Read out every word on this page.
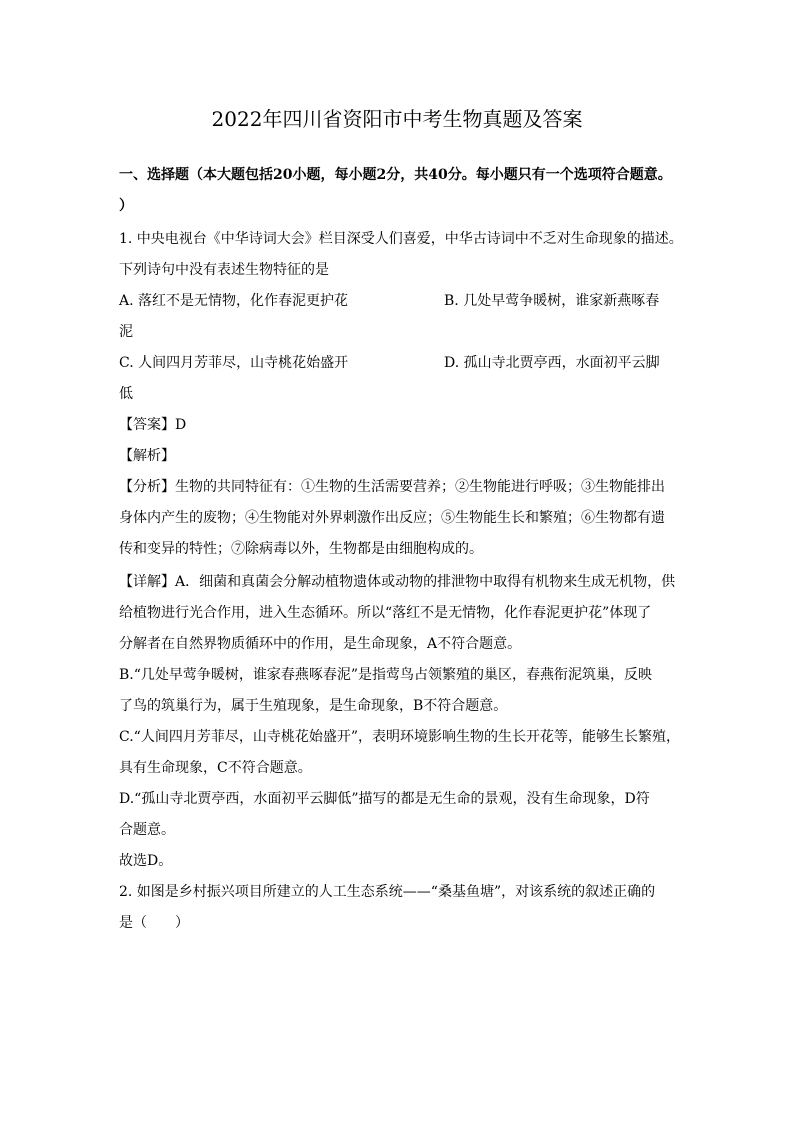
2022年四川省资阳市中考生物真题及答案
一、选择题（本大题包括20小题，每小题2分，共40分。每小题只有一个选项符合题意。
）
1. 中央电视台《中华诗词大会》栏目深受人们喜爱，中华古诗词中不乏对生命现象的描述。
下列诗句中没有表述生物特征的是
A. 落红不是无情物，化作春泥更护花	B. 几处早莺争暖树，谁家新燕啄春
泥
C. 人间四月芳菲尽，山寺桃花始盛开	D. 孤山寺北贾亭西，水面初平云脚
低
【答案】D
【解析】
【分析】生物的共同特征有：①生物的生活需要营养；②生物能进行呼吸；③生物能排出
身体内产生的废物；④生物能对外界刺激作出反应；⑤生物能生长和繁殖；⑥生物都有遗
传和变异的特性；⑦除病毒以外，生物都是由细胞构成的。
【详解】A．细菌和真菌会分解动植物遗体或动物的排泄物中取得有机物来生成无机物，供
给植物进行光合作用，进入生态循环。所以“落红不是无情物，化作春泥更护花”体现了
分解者在自然界物质循环中的作用，是生命现象，A不符合题意。
B.“几处早莺争暖树，谁家春燕啄春泥”是指莺鸟占领繁殖的巢区，春燕衔泥筑巢，反映
了鸟的筑巢行为，属于生殖现象，是生命现象，B不符合题意。
C.“人间四月芳菲尽，山寺桃花始盛开”，表明环境影响生物的生长开花等，能够生长繁殖，
具有生命现象，C不符合题意。
D.“孤山寺北贾亭西，水面初平云脚低”描写的都是无生命的景观，没有生命现象，D符
合题意。
故选D。
2. 如图是乡村振兴项目所建立的人工生态系统——“桑基鱼塘”，对该系统的叙述正确的
是（　　）
